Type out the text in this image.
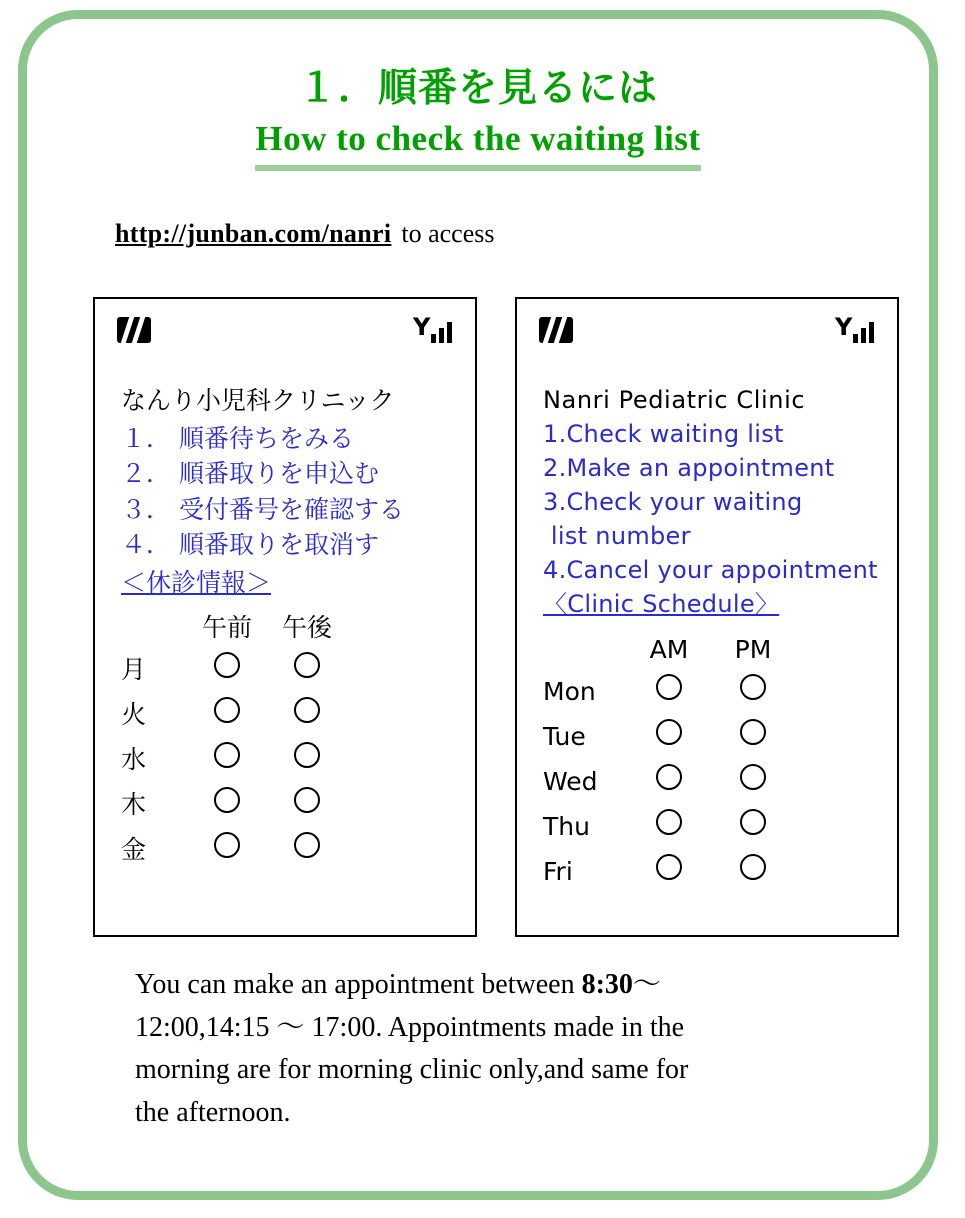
１．順番を見るには
How to check the waiting list
http://junban.com/nanri to access
Y
なんり小児科クリニック
１． 順番待ちをみる
２． 順番取りを申込む
３． 受付番号を確認する
４． 順番取りを取消す
＜休診情報＞
午前	午後
月
火
水
木
金
Y
Nanri Pediatric Clinic
1.Check waiting list
2.Make an appointment
3.Check your waiting
list number
4.Cancel your appointment
〈Clinic Schedule〉
AM	PM
Mon
Tue
Wed
Thu
Fri
You can make an appointment between 8:30～
12:00,14:15 ～ 17:00. Appointments made in the
morning are for morning clinic only,and same for
the afternoon.
